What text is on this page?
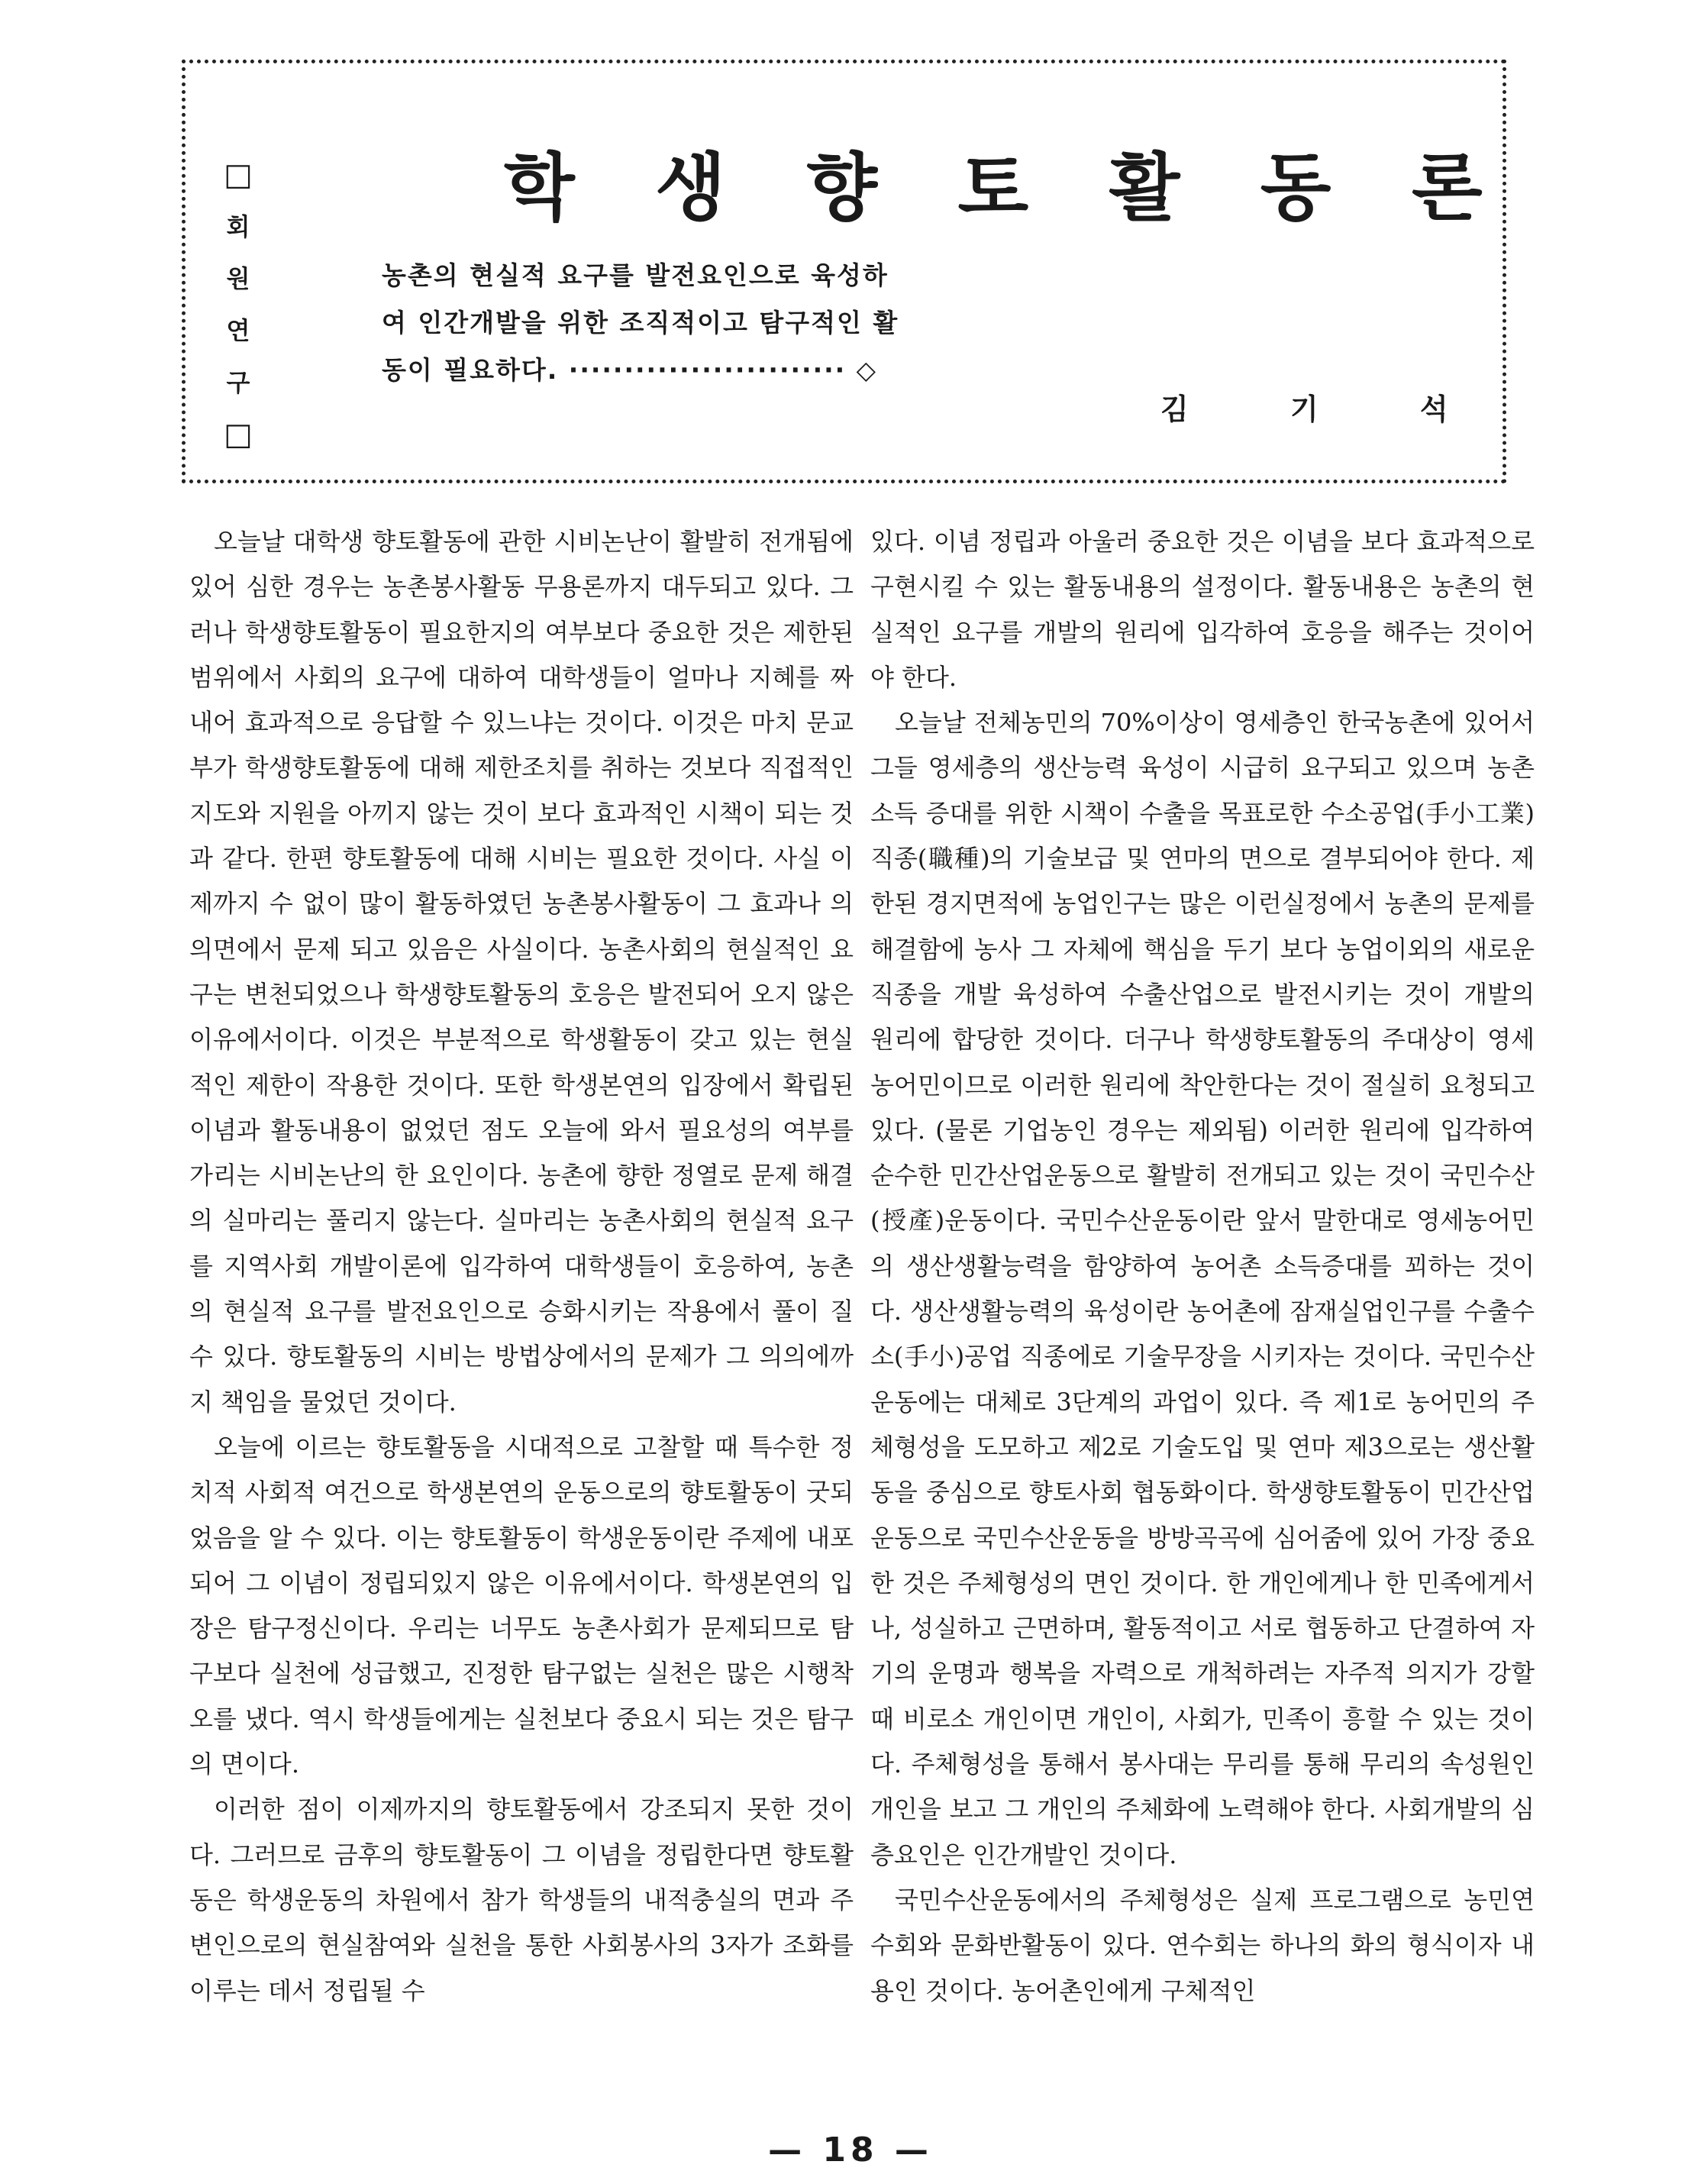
□
회
원
연
구
□
학 생 향 토 활 동 론
농촌의 현실적 요구를 발전요인으로 육성하
여 인간개발을 위한 조직적이고 탐구적인 활
동이 필요하다. ························· ◇
김 기 석

오늘날 대학생 향토활동에 관한 시비논난이 활발히 전개됨에 있어 심한 경우는 농촌봉사활동 무용론까지 대두되고 있다. 그러나 학생향토활동이 필요한지의 여부보다 중요한 것은 제한된 범위에서 사회의 요구에 대하여 대학생들이 얼마나 지혜를 짜내어 효과적으로 응답할 수 있느냐는 것이다. 이것은 마치 문교부가 학생향토활동에 대해 제한조치를 취하는 것보다 직접적인 지도와 지원을 아끼지 않는 것이 보다 효과적인 시책이 되는 것과 같다. 한편 향토활동에 대해 시비는 필요한 것이다. 사실 이제까지 수 없이 많이 활동하였던 농촌봉사활동이 그 효과나 의의면에서 문제 되고 있음은 사실이다. 농촌사회의 현실적인 요구는 변천되었으나 학생향토활동의 호응은 발전되어 오지 않은 이유에서이다. 이것은 부분적으로 학생활동이 갖고 있는 현실적인 제한이 작용한 것이다. 또한 학생본연의 입장에서 확립된 이념과 활동내용이 없었던 점도 오늘에 와서 필요성의 여부를 가리는 시비논난의 한 요인이다. 농촌에 향한 정열로 문제 해결의 실마리는 풀리지 않는다. 실마리는 농촌사회의 현실적 요구를 지역사회 개발이론에 입각하여 대학생들이 호응하여, 농촌의 현실적 요구를 발전요인으로 승화시키는 작용에서 풀이 질 수 있다. 향토활동의 시비는 방법상에서의 문제가 그 의의에까지 책임을 물었던 것이다.

오늘에 이르는 향토활동을 시대적으로 고찰할 때 특수한 정치적 사회적 여건으로 학생본연의 운동으로의 향토활동이 굿되었음을 알 수 있다. 이는 향토활동이 학생운동이란 주제에 내포되어 그 이념이 정립되있지 않은 이유에서이다. 학생본연의 입장은 탐구정신이다. 우리는 너무도 농촌사회가 문제되므로 탐구보다 실천에 성급했고, 진정한 탐구없는 실천은 많은 시행착오를 냈다. 역시 학생들에게는 실천보다 중요시 되는 것은 탐구의 면이다.

이러한 점이 이제까지의 향토활동에서 강조되지 못한 것이다. 그러므로 금후의 향토활동이 그 이념을 정립한다면 향토활동은 학생운동의 차원에서 참가 학생들의 내적충실의 면과 주변인으로의 현실참여와 실천을 통한 사회봉사의 3자가 조화를 이루는 데서 정립될 수

있다. 이념 정립과 아울러 중요한 것은 이념을 보다 효과적으로 구현시킬 수 있는 활동내용의 설정이다. 활동내용은 농촌의 현실적인 요구를 개발의 원리에 입각하여 호응을 해주는 것이어야 한다.

오늘날 전체농민의 70%이상이 영세층인 한국농촌에 있어서 그들 영세층의 생산능력 육성이 시급히 요구되고 있으며 농촌소득 증대를 위한 시책이 수출을 목표로한 수소공업(手小工業) 직종(職種)의 기술보급 및 연마의 면으로 결부되어야 한다. 제한된 경지면적에 농업인구는 많은 이런실정에서 농촌의 문제를 해결함에 농사 그 자체에 핵심을 두기 보다 농업이외의 새로운 직종을 개발 육성하여 수출산업으로 발전시키는 것이 개발의 원리에 합당한 것이다. 더구나 학생향토활동의 주대상이 영세 농어민이므로 이러한 원리에 착안한다는 것이 절실히 요청되고 있다. (물론 기업농인 경우는 제외됨) 이러한 원리에 입각하여 순수한 민간산업운동으로 활발히 전개되고 있는 것이 국민수산(授產)운동이다. 국민수산운동이란 앞서 말한대로 영세농어민의 생산생활능력을 함양하여 농어촌 소득증대를 꾀하는 것이다. 생산생활능력의 육성이란 농어촌에 잠재실업인구를 수출수소(手小)공업 직종에로 기술무장을 시키자는 것이다. 국민수산운동에는 대체로 3단계의 과업이 있다. 즉 제1로 농어민의 주체형성을 도모하고 제2로 기술도입 및 연마 제3으로는 생산활동을 중심으로 향토사회 협동화이다. 학생향토활동이 민간산업운동으로 국민수산운동을 방방곡곡에 심어줌에 있어 가장 중요한 것은 주체형성의 면인 것이다. 한 개인에게나 한 민족에게서나, 성실하고 근면하며, 활동적이고 서로 협동하고 단결하여 자기의 운명과 행복을 자력으로 개척하려는 자주적 의지가 강할 때 비로소 개인이면 개인이, 사회가, 민족이 흥할 수 있는 것이다. 주체형성을 통해서 봉사대는 무리를 통해 무리의 속성원인 개인을 보고 그 개인의 주체화에 노력해야 한다. 사회개발의 심층요인은 인간개발인 것이다.

국민수산운동에서의 주체형성은 실제 프로그램으로 농민연수회와 문화반활동이 있다. 연수회는 하나의 화의 형식이자 내용인 것이다. 농어촌인에게 구체적인

— 18 —
